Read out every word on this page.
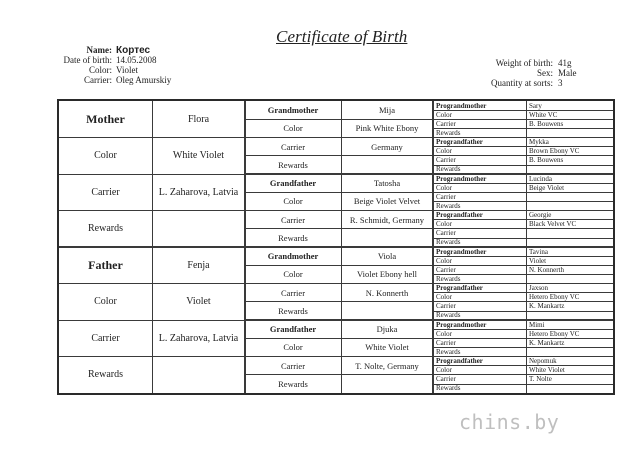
Certificate of Birth
Name: Кортес
Date of birth: 14.05.2008
Color: Violet
Carrier: Oleg Amurskiy
Weight of birth: 41g
Sex: Male
Quantity at sorts: 3
Mother	Flora
Color	White Violet
Carrier	L. Zaharova, Latvia
Rewards
Grandmother	Mija
Color	Pink White Ebony
Carrier	Germany
Rewards
Prograndmother	Sary
Color	White VC
Carrier	B. Bouwens
Rewards
Prograndfather	Mykka
Color	Brown Ebony VC
Carrier	B. Bouwens
Rewards
Grandfather	Tatosha
Color	Beige Violet Velvet
Carrier	R. Schmidt, Germany
Rewards
Prograndmother	Lucinda
Color	Beige Violet
Carrier
Rewards
Prograndfather	Georgie
Color	Black Velvet VC
Carrier
Rewards
Father	Fenja
Color	Violet
Carrier	L. Zaharova, Latvia
Rewards
Grandmother	Viola
Color	Violet Ebony hell
Carrier	N. Konnerth
Rewards
Prograndmother	Tavina
Color	Violet
Carrier	N. Konnerth
Rewards
Prograndfather	Jaxson
Color	Hetero Ebony VC
Carrier	K. Mankartz
Rewards
Grandfather	Djuka
Color	White Violet
Carrier	T. Nolte, Germany
Rewards
Prograndmother	Mimi
Color	Hetero Ebony VC
Carrier	K. Mankartz
Rewards
Prograndfather	Nepomuk
Color	White Violet
Carrier	T. Nolte
Rewards
chins.by
